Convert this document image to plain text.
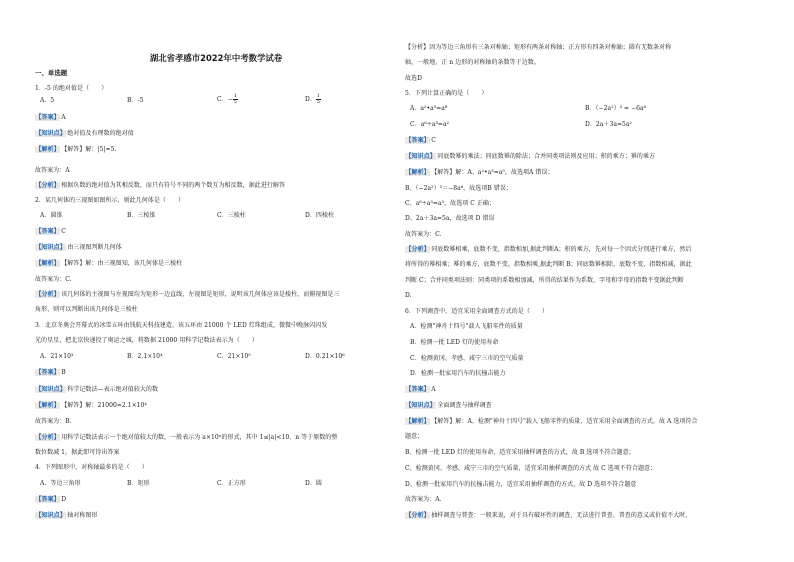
湖北省孝感市2022年中考数学试卷
一、单选题
1．-5 的绝对值是（　　）
A．5	B．-5	C．− $\frac{1}{5}$	D． $\frac{1}{5}$
【答案】 A
【知识点】 绝对值及有理数的绝对值
【解析】 【解答】解：|5|=5.
故答案为：A
【分析】 根据负数的绝对值为其相反数，而只有符号不同的两个数互为相反数，据此进行解答
2．某几何体的三视图如图所示，则此几何体是（　　）
A．圆锥	B．三棱锥	C．三棱柱	D．四棱柱
【答案】 C
【知识点】 由三视图判断几何体
【解析】 【解答】解：由三视图知，该几何体是三棱柱
故答案为：C.
【分析】 该几何体的主视图与左视图均为矩形一边直线，左视图是矩形，说明该几何体应该是棱柱，而俯视图是三
角形，则可以判断出该几何体是三棱柱
3．北京冬奥会开幕式的冰雪五环由钱航天科技建造，该五环由 21000 个 LED 灯珠组成，微微中晚脉闪闪发
光的星星，把北京快递投了奥运之城，将数据 21000 用科学记数法表示为（　　）
A．21×10³	B．2.1×10⁴	C．21×10⁵	D．0.21×10⁶
【答案】 B
【知识点】 科学记数法—表示绝对值较大的数
【解析】 【解答】解：21000=2.1×10⁴
故答案为：B.
【分析】 用科学记数法表示一个绝对值较大的数，一般表示为 a×10ⁿ的形式，其中 1≤|a|<10，n 等于原数的整
数位数减 1，据此即可得出答案
4．下列图形中，对称轴最多的是（　　）
A．等边三角形	B．矩形	C．正方形	D．圆
【答案】 D
【知识点】 轴对称图形
【分析】因为等边三角形有三条对称轴；矩形有两条对称轴；正方形有四条对称轴；圆有无数条对称
轴，一般地，正 n 边形的对称轴的条数等于边数。
故选D
5．下列计算正确的是（　　）
A．a²•a³=a⁶	B．（−2a²）³ = −6a⁶
C．a⁶÷a³=a²	D．2a＋3a=5a²
【答案】 C
【知识点】 同底数幂的乘法；同底数幂的除法；合并同类项法则及应用；积的乘方；幂的乘方
【解析】 【解答】解：A、a²•a³=a⁵，故选项A 错误；
B、（−2a²）³＝−8a⁶，故选项B 错误；
C、a⁶÷a³=a³，故选项 C 正确；
D、2a＋3a=5a，故选项 D 错误
故答案为：C.
【分析】 同底数幂相乘，底数不变，指数相加,据此判断A；积的乘方，先对每一个因式分别进行乘方，然后
将所得的幂相乘；幂的乘方，底数不变，指数相乘,据此判断 B；同底数幂相除，底数不变，指数相减，据此
判断 C；合并同类项法则：同类项的系数相加减，所得的结果作为系数，字母和字母的指数不变据此判断
D.
6．下列调查中，适宜采用全面调查方式的是（　　）
A．检测"神舟十四号"载人飞船零件的质量
B．检测一批 LED 灯的使用寿命
C．检测黄冈、孝感、咸宁三市的空气质量
D．检测一批家用汽车的抗撞击能力
【答案】 A
【知识点】 全面调查与抽样调查
【解析】 【解答】解：A、检测"神舟十四号"载人飞船零件的质量，适宜采用全面调查的方式，故 A 选项符合
题意；
B、检测一批 LED 灯的使用寿命，适宜采用抽样调查的方式，故 B 选项不符合题意；
C、检测黄冈、孝感、咸宁三市的空气质量，适宜采用抽样调查的方式 故 C 选项不符合题意；
D、检测一批家用汽车的抗撞击能力，适宜采用抽样调查的方式，故 D 选项不符合题意
故答案为：A.
【分析】 抽样调查与普查：一般来说，对于具有破坏性的调查、无法进行普查、普查的意义或价值不大时，
